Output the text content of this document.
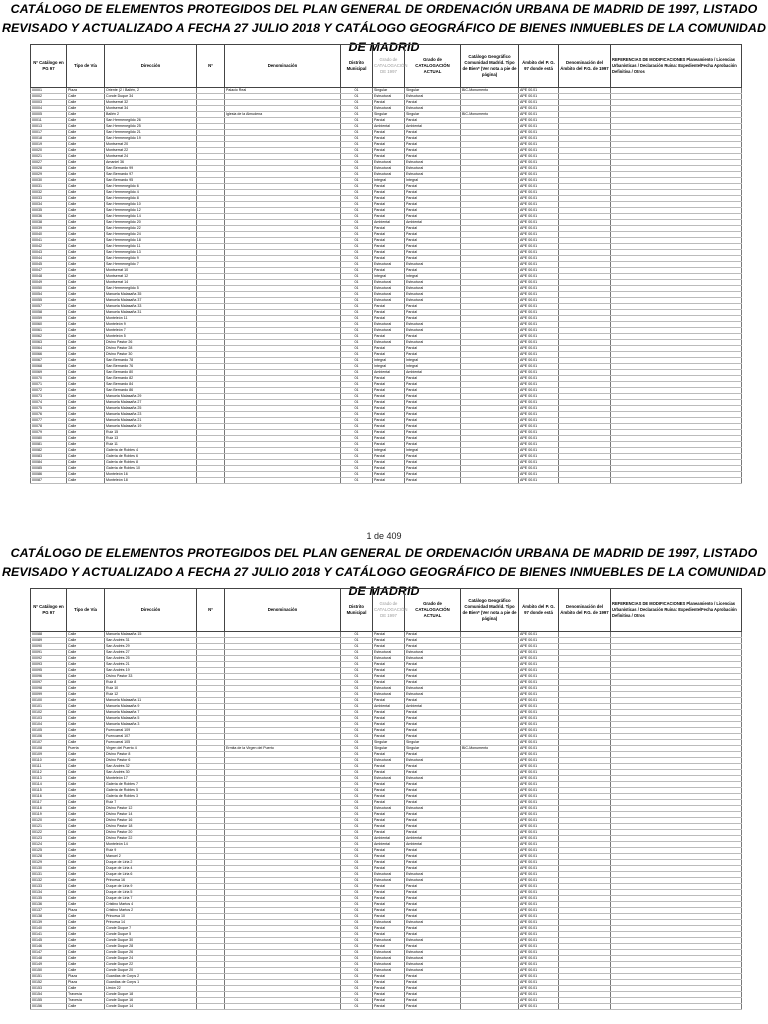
CATÁLOGO DE ELEMENTOS PROTEGIDOS DEL PLAN GENERAL DE ORDENACIÓN URBANA DE MADRID DE 1997, LISTADO REVISADO Y ACTUALIZADO A FECHA 27 JULIO 2018 Y CATÁLOGO GEOGRÁFICO DE BIENES INMUEBLES DE LA COMUNIDAD DE MADRID
Nº Catálogo en PG 97	Tipo de Vía	Dirección	Nº	Denominación	Distrito Municipal	Grado de CATALOGACIÓN DE 1997	Grado de CATALOGACIÓN ACTUAL	Catálogo Geográfico Comunidad Madrid. Tipo de Bien* (Ver nota a pie de página)	Ámbito del P. G. 97 donde está	Denominación del Ámbito del P.G. de 1997	REFERENCIAS DE MODIFICACIONES Planeamiento / Licencias Urbanísticas / Declaración Ruina: Expediente/Fecha Aprobación Definitiva / Otros
00001	Plaza	Oriente (2 / Bailén, 2		Palacio Real	01	Singular	Singular	BIC-Monumento	APE 00.01		
00002	Calle	Conde Duque 34			01	Estructural	Estructural		APE 00.01		
00003	Calle	Montserrat 32			01	Parcial	Parcial		APE 00.01		
00004	Calle	Montserrat 34			01	Estructural	Estructural		APE 00.01		
00005	Calle	Bailén 2		Iglesia de la Almudena	01	Singular	Singular	BIC-Monumento	APE 00.01		
00011	Calle	San Hermenegildo 26			01	Parcial	Parcial		APE 00.01		
00013	Calle	San Hermenegildo 25			01	Ambiental	Ambiental		APE 00.01		
00017	Calle	San Hermenegildo 21			01	Parcial	Parcial		APE 00.01		
00018	Calle	San Hermenegildo 19			01	Parcial	Parcial		APE 00.01		
00019	Calle	Montserrat 20			01	Parcial	Parcial		APE 00.01		
00020	Calle	Montserrat 22			01	Parcial	Parcial		APE 00.01		
00021	Calle	Montserrat 24			01	Parcial	Parcial		APE 00.01		
00027	Calle	Amaniel 36			01	Estructural	Estructural		APE 00.01		
00028	Calle	San Bernardo 99			01	Estructural	Estructural		APE 00.01		
00029	Calle	San Bernardo 97			01	Estructural	Estructural		APE 00.01		
00030	Calle	San Bernardo 95			01	Integral	Integral		APE 00.01		
00031	Calle	San Hermenegildo 6			01	Parcial	Parcial		APE 00.01		
00032	Calle	San Hermenegildo 4			01	Parcial	Parcial		APE 00.01		
00033	Calle	San Hermenegildo 8			01	Parcial	Parcial		APE 00.01		
00034	Calle	San Hermenegildo 10			01	Parcial	Parcial		APE 00.01		
00035	Calle	San Hermenegildo 12			01	Parcial	Parcial		APE 00.01		
00036	Calle	San Hermenegildo 14			01	Parcial	Parcial		APE 00.01		
00038	Calle	San Hermenegildo 20			01	Ambiental	Ambiental		APE 00.01		
00039	Calle	San Hermenegildo 22			01	Parcial	Parcial		APE 00.01		
00040	Calle	San Hermenegildo 24			01	Parcial	Parcial		APE 00.01		
00041	Calle	San Hermenegildo 18			01	Parcial	Parcial		APE 00.01		
00042	Calle	San Hermenegildo 11			01	Parcial	Parcial		APE 00.01		
00043	Calle	San Hermenegildo 13			01	Parcial	Parcial		APE 00.01		
00044	Calle	San Hermenegildo 9			01	Parcial	Parcial		APE 00.01		
00045	Calle	San Hermenegildo 7			01	Estructural	Estructural		APE 00.01		
00047	Calle	Montserrat 10			01	Parcial	Parcial		APE 00.01		
00048	Calle	Montserrat 12			01	Integral	Integral		APE 00.01		
00049	Calle	Montserrat 14			01	Estructural	Estructural		APE 00.01		
00050	Calle	San Hermenegildo 5			01	Estructural	Estructural		APE 00.01		
00054	Calle	Manuela Malasaña 35			01	Estructural	Estructural		APE 00.01		
00055	Calle	Manuela Malasaña 37			01	Estructural	Estructural		APE 00.01		
00057	Calle	Manuela Malasaña 33			01	Parcial	Parcial		APE 00.01		
00058	Calle	Manuela Malasaña 31			01	Parcial	Parcial		APE 00.01		
00059	Calle	Monteleón 11			01	Parcial	Parcial		APE 00.01		
00060	Calle	Monteleón 9			01	Estructural	Estructural		APE 00.01		
00061	Calle	Monteleón 7			01	Estructural	Estructural		APE 00.01		
00062	Calle	Monteleón 5			01	Parcial	Parcial		APE 00.01		
00063	Calle	Divino Pastor 26			01	Estructural	Estructural		APE 00.01		
00064	Calle	Divino Pastor 28			01	Parcial	Parcial		APE 00.01		
00066	Calle	Divino Pastor 30			01	Parcial	Parcial		APE 00.01		
00067	Calle	San Bernardo 78			01	Integral	Integral		APE 00.01		
00068	Calle	San Bernardo 76			01	Integral	Integral		APE 00.01		
00069	Calle	San Bernardo 80			01	Ambiental	Ambiental		APE 00.01		
00070	Calle	San Bernardo 82			01	Parcial	Parcial		APE 00.01		
00071	Calle	San Bernardo 84			01	Parcial	Parcial		APE 00.01		
00072	Calle	San Bernardo 86			01	Parcial	Parcial		APE 00.01		
00073	Calle	Manuela Malasaña 29			01	Parcial	Parcial		APE 00.01		
00074	Calle	Manuela Malasaña 27			01	Parcial	Parcial		APE 00.01		
00075	Calle	Manuela Malasaña 25			01	Parcial	Parcial		APE 00.01		
00076	Calle	Manuela Malasaña 23			01	Parcial	Parcial		APE 00.01		
00077	Calle	Manuela Malasaña 21			01	Parcial	Parcial		APE 00.01		
00078	Calle	Manuela Malasaña 19			01	Parcial	Parcial		APE 00.01		
00079	Calle	Ruiz 15			01	Parcial	Parcial		APE 00.01		
00080	Calle	Ruiz 13			01	Parcial	Parcial		APE 00.01		
00081	Calle	Ruiz 11			01	Parcial	Parcial		APE 00.01		
00082	Calle	Galería de Robles 4			01	Integral	Integral		APE 00.01		
00083	Calle	Galería de Robles 6			01	Parcial	Parcial		APE 00.01		
00084	Calle	Galería de Robles 8			01	Parcial	Parcial		APE 00.01		
00085	Calle	Galería de Robles 10			01	Parcial	Parcial		APE 00.01		
00086	Calle	Monteleón 16			01	Parcial	Parcial		APE 00.01		
00087	Calle	Monteleón 18			01	Parcial	Parcial		APE 00.01		
1 de 409
CATÁLOGO DE ELEMENTOS PROTEGIDOS DEL PLAN GENERAL DE ORDENACIÓN URBANA DE MADRID DE 1997, LISTADO REVISADO Y ACTUALIZADO A FECHA 27 JULIO 2018 Y CATÁLOGO GEOGRÁFICO DE BIENES INMUEBLES DE LA COMUNIDAD DE MADRID
Nº Catálogo en PG 97	Tipo de Vía	Dirección	Nº	Denominación	Distrito Municipal	Grado de CATALOGACIÓN DE 1997	Grado de CATALOGACIÓN ACTUAL	Catálogo Geográfico Comunidad Madrid. Tipo de Bien* (Ver nota a pie de página)	Ámbito del P. G. 97 donde está	Denominación del Ámbito del P.G. de 1997	REFERENCIAS DE MODIFICACIONES Planeamiento / Licencias Urbanísticas / Declaración Ruina: Expediente/Fecha Aprobación Definitiva / Otros
00088	Calle	Manuela Malasaña 15			01	Parcial	Parcial		APE 00.01		
00089	Calle	San Andrés 31			01	Parcial	Parcial		APE 00.01		
00090	Calle	San Andrés 29			01	Parcial	Parcial		APE 00.01		
00091	Calle	San Andrés 27			01	Estructural	Estructural		APE 00.01		
00092	Calle	San Andrés 25			01	Estructural	Estructural		APE 00.01		
00093	Calle	San Andrés 21			01	Parcial	Parcial		APE 00.01		
00095	Calle	San Andrés 19			01	Parcial	Parcial		APE 00.01		
00096	Calle	Divino Pastor 33			01	Parcial	Parcial		APE 00.01		
00097	Calle	Ruiz 8			01	Parcial	Parcial		APE 00.01		
00098	Calle	Ruiz 10			01	Estructural	Estructural		APE 00.01		
00099	Calle	Ruiz 12			01	Estructural	Estructural		APE 00.01		
00100	Calle	Manuela Malasaña 11			01	Parcial	Parcial		APE 00.01		
00101	Calle	Manuela Malasaña 9			01	Ambiental	Ambiental		APE 00.01		
00102	Calle	Manuela Malasaña 7			01	Parcial	Parcial		APE 00.01		
00103	Calle	Manuela Malasaña 5			01	Parcial	Parcial		APE 00.01		
00104	Calle	Manuela Malasaña 3			01	Parcial	Parcial		APE 00.01		
00105	Calle	Fuencarral 109			01	Parcial	Parcial		APE 00.01		
00106	Calle	Fuencarral 107			01	Parcial	Parcial		APE 00.01		
00107	Calle	Fuencarral 105			01	Singular	Singular		APE 00.01		
00108	Puerta	Virgen del Puerto 4		Ermita de la Virgen del Puerto	01	Singular	Singular	BIC-Monumento	APE 00.01		
00109	Calle	Divino Pastor 8			01	Parcial	Parcial		APE 00.01		
00110	Calle	Divino Pastor 6			01	Estructural	Estructural		APE 00.01		
00111	Calle	San Andrés 32			01	Parcial	Parcial		APE 00.01		
00112	Calle	San Andrés 30			01	Parcial	Parcial		APE 00.01		
00113	Calle	Monteleón 17			01	Estructural	Estructural		APE 00.01		
00114	Calle	Galería de Robles 7			01	Parcial	Parcial		APE 00.01		
00115	Calle	Galería de Robles 5			01	Parcial	Parcial		APE 00.01		
00116	Calle	Galería de Robles 3			01	Parcial	Parcial		APE 00.01		
00117	Calle	Ruiz 7			01	Parcial	Parcial		APE 00.01		
00118	Calle	Divino Pastor 12			01	Estructural	Estructural		APE 00.01		
00119	Calle	Divino Pastor 14			01	Parcial	Parcial		APE 00.01		
00120	Calle	Divino Pastor 16			01	Parcial	Parcial		APE 00.01		
00121	Calle	Divino Pastor 18			01	Parcial	Parcial		APE 00.01		
00122	Calle	Divino Pastor 20			01	Parcial	Parcial		APE 00.01		
00123	Calle	Divino Pastor 22			01	Ambiental	Ambiental		APE 00.01		
00124	Calle	Monteleón 14			01	Ambiental	Ambiental		APE 00.01		
00125	Calle	Ruiz 9			01	Parcial	Parcial		APE 00.01		
00128	Calle	Manuel 2			01	Parcial	Parcial		APE 00.01		
00129	Calle	Duque de Liria 2			01	Parcial	Parcial		APE 00.01		
00130	Calle	Duque de Liria 4			01	Parcial	Parcial		APE 00.01		
00131	Calle	Duque de Liria 6			01	Estructural	Estructural		APE 00.01		
00132	Calle	Princesa 16			01	Estructural	Estructural		APE 00.01		
00133	Calle	Duque de Liria 9			01	Parcial	Parcial		APE 00.01		
00134	Calle	Duque de Liria 5			01	Parcial	Parcial		APE 00.01		
00135	Calle	Duque de Liria 7			01	Parcial	Parcial		APE 00.01		
00136	Calle	Cristino Martos 4			01	Parcial	Parcial		APE 00.01		
00137	Plaza	Cristino Martos 2			01	Parcial	Parcial		APE 00.01		
00138	Calle	Princesa 10			01	Parcial	Parcial		APE 00.01		
00139	Calle	Princesa 14			01	Estructural	Estructural		APE 00.01		
00140	Calle	Conde Duque 7			01	Parcial	Parcial		APE 00.01		
00141	Calle	Conde Duque 5			01	Parcial	Parcial		APE 00.01		
00145	Calle	Conde Duque 30			01	Estructural	Estructural		APE 00.01		
00146	Calle	Conde Duque 28			01	Parcial	Parcial		APE 00.01		
00147	Calle	Conde Duque 26			01	Estructural	Estructural		APE 00.01		
00148	Calle	Conde Duque 24			01	Estructural	Estructural		APE 00.01		
00149	Calle	Conde Duque 22			01	Estructural	Estructural		APE 00.01		
00150	Calle	Conde Duque 20			01	Estructural	Estructural		APE 00.01		
00151	Plaza	Guardias de Corps 2			01	Parcial	Parcial		APE 00.01		
00152	Plaza	Guardias de Corps 1			01	Parcial	Parcial		APE 00.01		
00153	Calle	Limón 22			01	Parcial	Parcial		APE 00.01		
00154	Travesía	Conde Duque 18			01	Parcial	Parcial		APE 00.01		
00155	Travesía	Conde Duque 16			01	Parcial	Parcial		APE 00.01		
00156	Calle	Conde Duque 14			01	Parcial	Parcial		APE 00.01		
